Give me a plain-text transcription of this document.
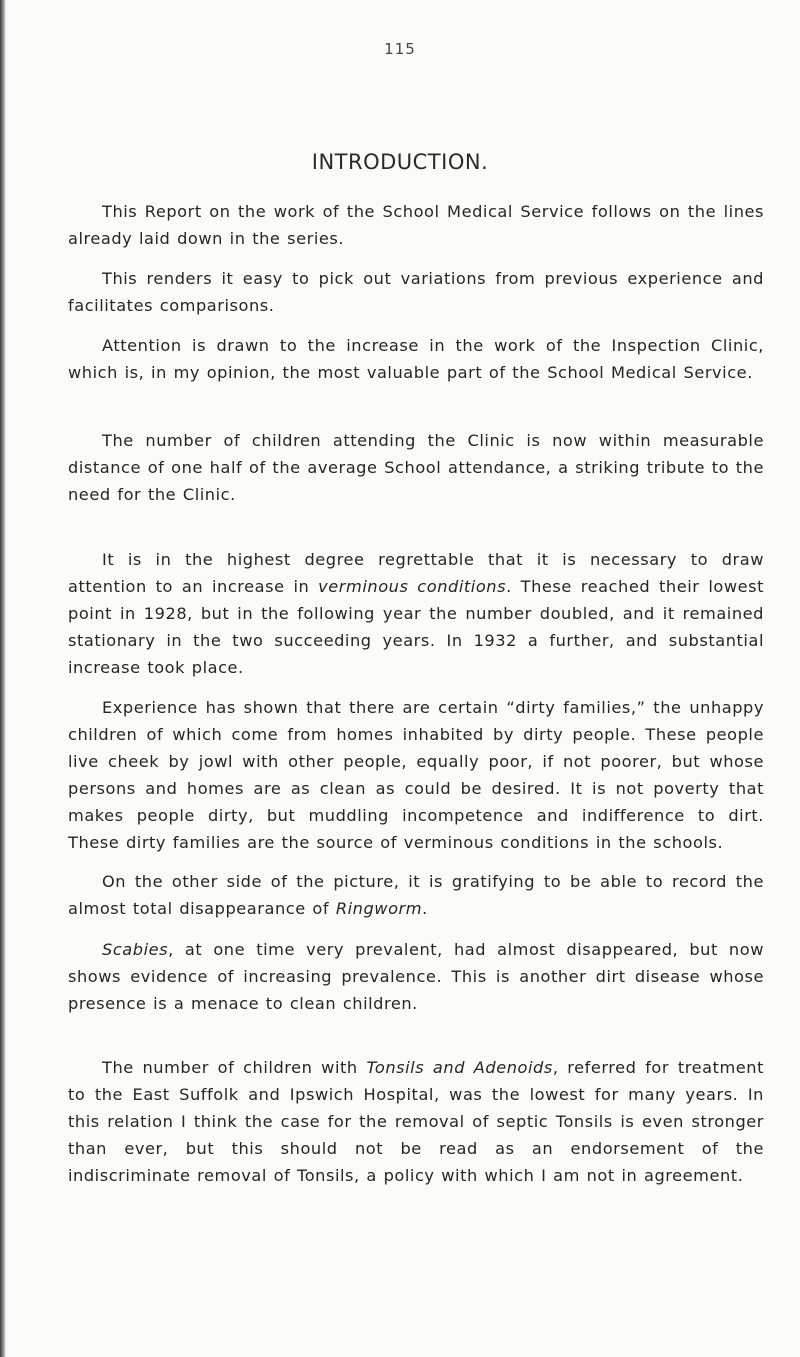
115
INTRODUCTION.

This Report on the work of the School Medical Service follows on the lines already laid down in the series.

This renders it easy to pick out variations from previous experience and facilitates comparisons.

Attention is drawn to the increase in the work of the Inspection Clinic, which is, in my opinion, the most valuable part of the School Medical Service.

The number of children attending the Clinic is now within measurable distance of one half of the average School attendance, a striking tribute to the need for the Clinic.

It is in the highest degree regrettable that it is necessary to draw attention to an increase in verminous conditions. These reached their lowest point in 1928, but in the following year the number doubled, and it remained stationary in the two succeeding years. In 1932 a further, and substantial increase took place.

Experience has shown that there are certain “dirty families,” the unhappy children of which come from homes inhabited by dirty people. These people live cheek by jowl with other people, equally poor, if not poorer, but whose persons and homes are as clean as could be desired. It is not poverty that makes people dirty, but muddling incompetence and indifference to dirt. These dirty families are the source of verminous conditions in the schools.

On the other side of the picture, it is gratifying to be able to record the almost total disappearance of Ringworm.

Scabies, at one time very prevalent, had almost disappeared, but now shows evidence of increasing prevalence. This is another dirt disease whose presence is a menace to clean children.

The number of children with Tonsils and Adenoids, referred for treatment to the East Suffolk and Ipswich Hospital, was the lowest for many years. In this relation I think the case for the removal of septic Tonsils is even stronger than ever, but this should not be read as an endorsement of the indiscriminate removal of Tonsils, a policy with which I am not in agreement.
